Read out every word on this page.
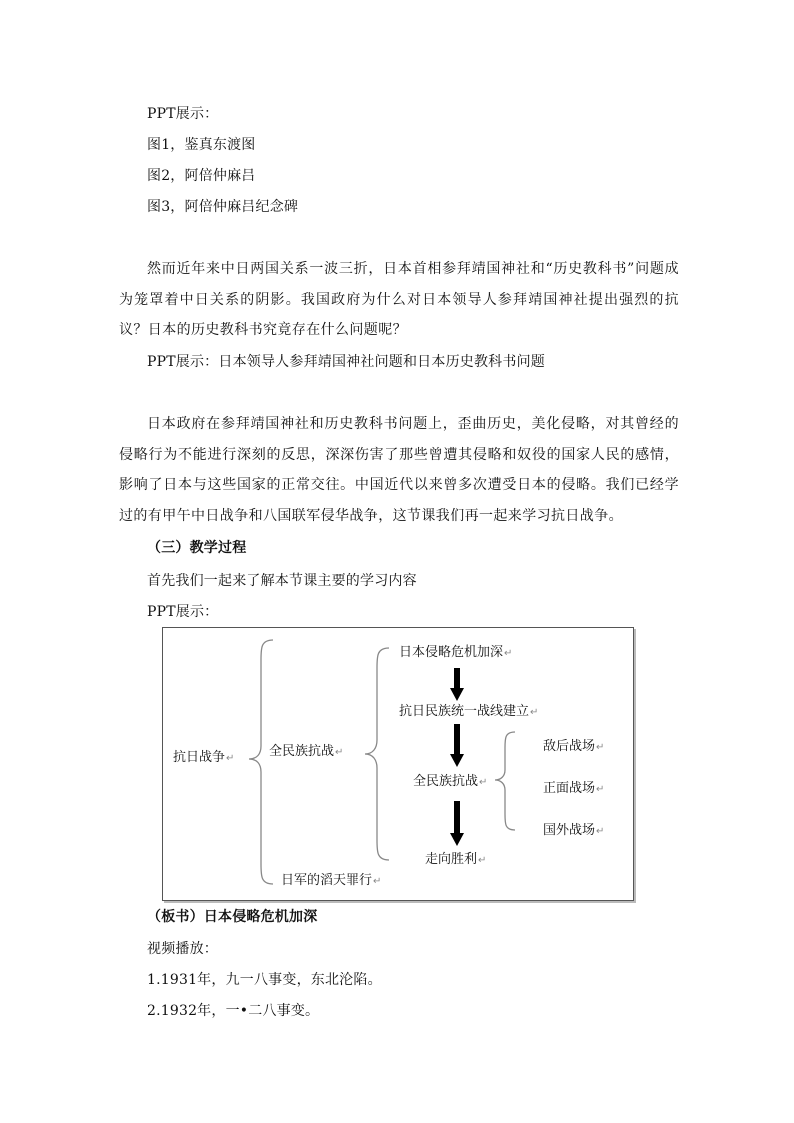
PPT展示：
图1，鉴真东渡图
图2，阿倍仲麻吕
图3，阿倍仲麻吕纪念碑
然而近年来中日两国关系一波三折，日本首相参拜靖国神社和“历史教科书”问题成为笼罩着中日关系的阴影。我国政府为什么对日本领导人参拜靖国神社提出强烈的抗议？日本的历史教科书究竟存在什么问题呢？
PPT展示：日本领导人参拜靖国神社问题和日本历史教科书问题
日本政府在参拜靖国神社和历史教科书问题上，歪曲历史，美化侵略，对其曾经的侵略行为不能进行深刻的反思，深深伤害了那些曾遭其侵略和奴役的国家人民的感情，影响了日本与这些国家的正常交往。中国近代以来曾多次遭受日本的侵略。我们已经学过的有甲午中日战争和八国联军侵华战争，这节课我们再一起来学习抗日战争。
（三）教学过程
首先我们一起来了解本节课主要的学习内容
PPT展示：
抗日战争↵	全民族抗战↵
日军的滔天罪行↵
日本侵略危机加深↵
抗日民族统一战线建立↵
全民族抗战↵
走向胜利↵
敌后战场↵
正面战场↵
国外战场↵
（板书）日本侵略危机加深
视频播放：
1.1931年，九一八事变，东北沦陷。
2.1932年，一•二八事变。
